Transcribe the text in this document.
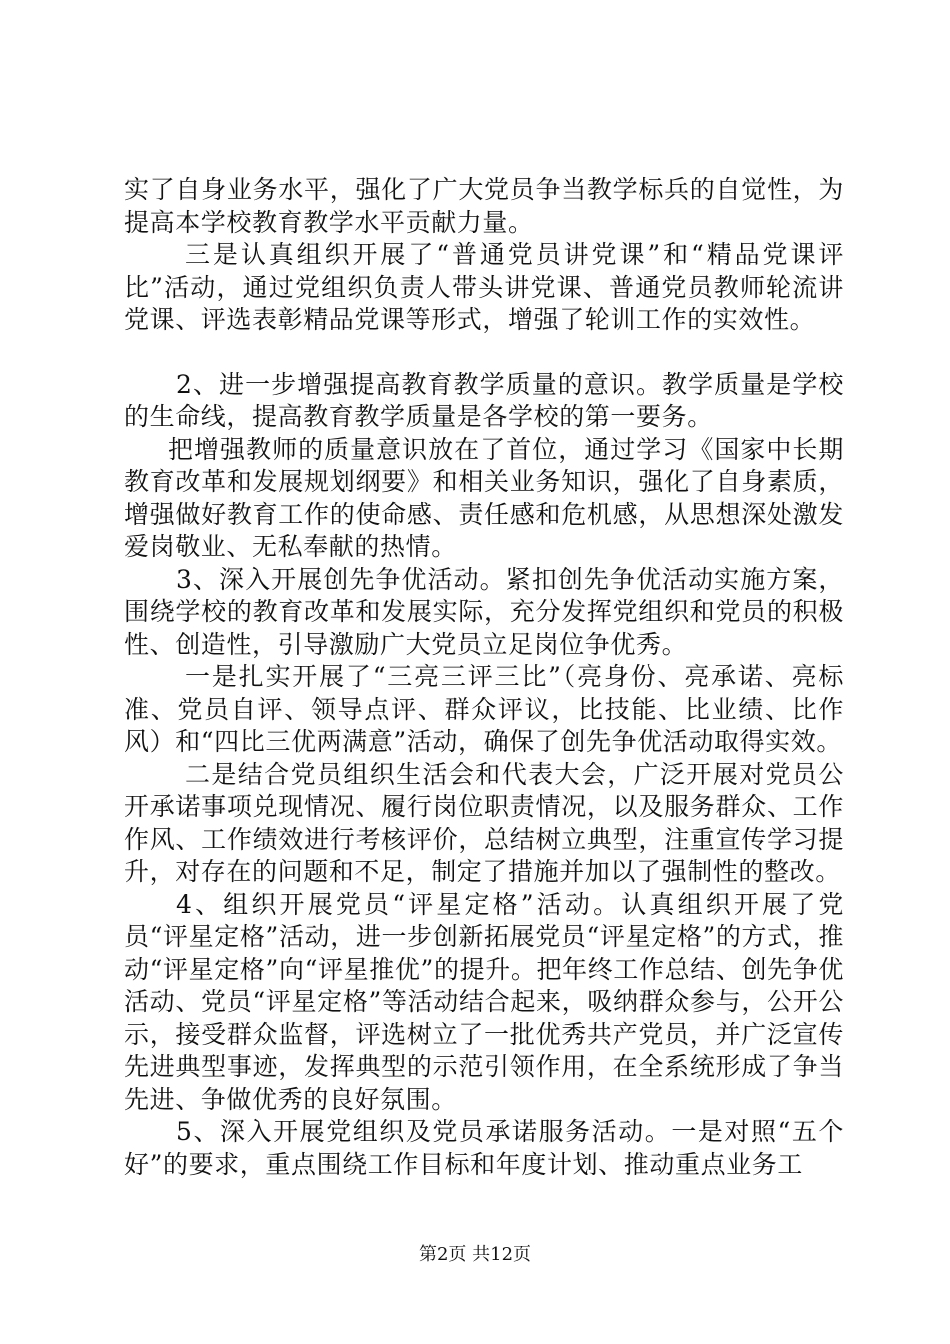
实了自身业务水平，强化了广大党员争当教学标兵的自觉性，为提高本学校教育教学水平贡献力量。

三是认真组织开展了“普通党员讲党课”和“精品党课评比”活动，通过党组织负责人带头讲党课、普通党员教师轮流讲党课、评选表彰精品党课等形式，增强了轮训工作的实效性。

2、进一步增强提高教育教学质量的意识。教学质量是学校的生命线，提高教育教学质量是各学校的第一要务。

把增强教师的质量意识放在了首位，通过学习《国家中长期教育改革和发展规划纲要》和相关业务知识，强化了自身素质，增强做好教育工作的使命感、责任感和危机感，从思想深处激发爱岗敬业、无私奉献的热情。

3、深入开展创先争优活动。紧扣创先争优活动实施方案，围绕学校的教育改革和发展实际，充分发挥党组织和党员的积极性、创造性，引导激励广大党员立足岗位争优秀。

一是扎实开展了“三亮三评三比”（亮身份、亮承诺、亮标准、党员自评、领导点评、群众评议，比技能、比业绩、比作风）和“四比三优两满意”活动，确保了创先争优活动取得实效。

二是结合党员组织生活会和代表大会，广泛开展对党员公开承诺事项兑现情况、履行岗位职责情况，以及服务群众、工作作风、工作绩效进行考核评价，总结树立典型，注重宣传学习提升，对存在的问题和不足，制定了措施并加以了强制性的整改。

4、组织开展党员“评星定格”活动。认真组织开展了党员“评星定格”活动，进一步创新拓展党员“评星定格”的方式，推动“评星定格”向“评星推优”的提升。把年终工作总结、创先争优活动、党员“评星定格”等活动结合起来，吸纳群众参与，公开公示，接受群众监督，评选树立了一批优秀共产党员，并广泛宣传先进典型事迹，发挥典型的示范引领作用，在全系统形成了争当先进、争做优秀的良好氛围。

5、深入开展党组织及党员承诺服务活动。一是对照“五个好”的要求，重点围绕工作目标和年度计划、推动重点业务工

第2页 共12页
